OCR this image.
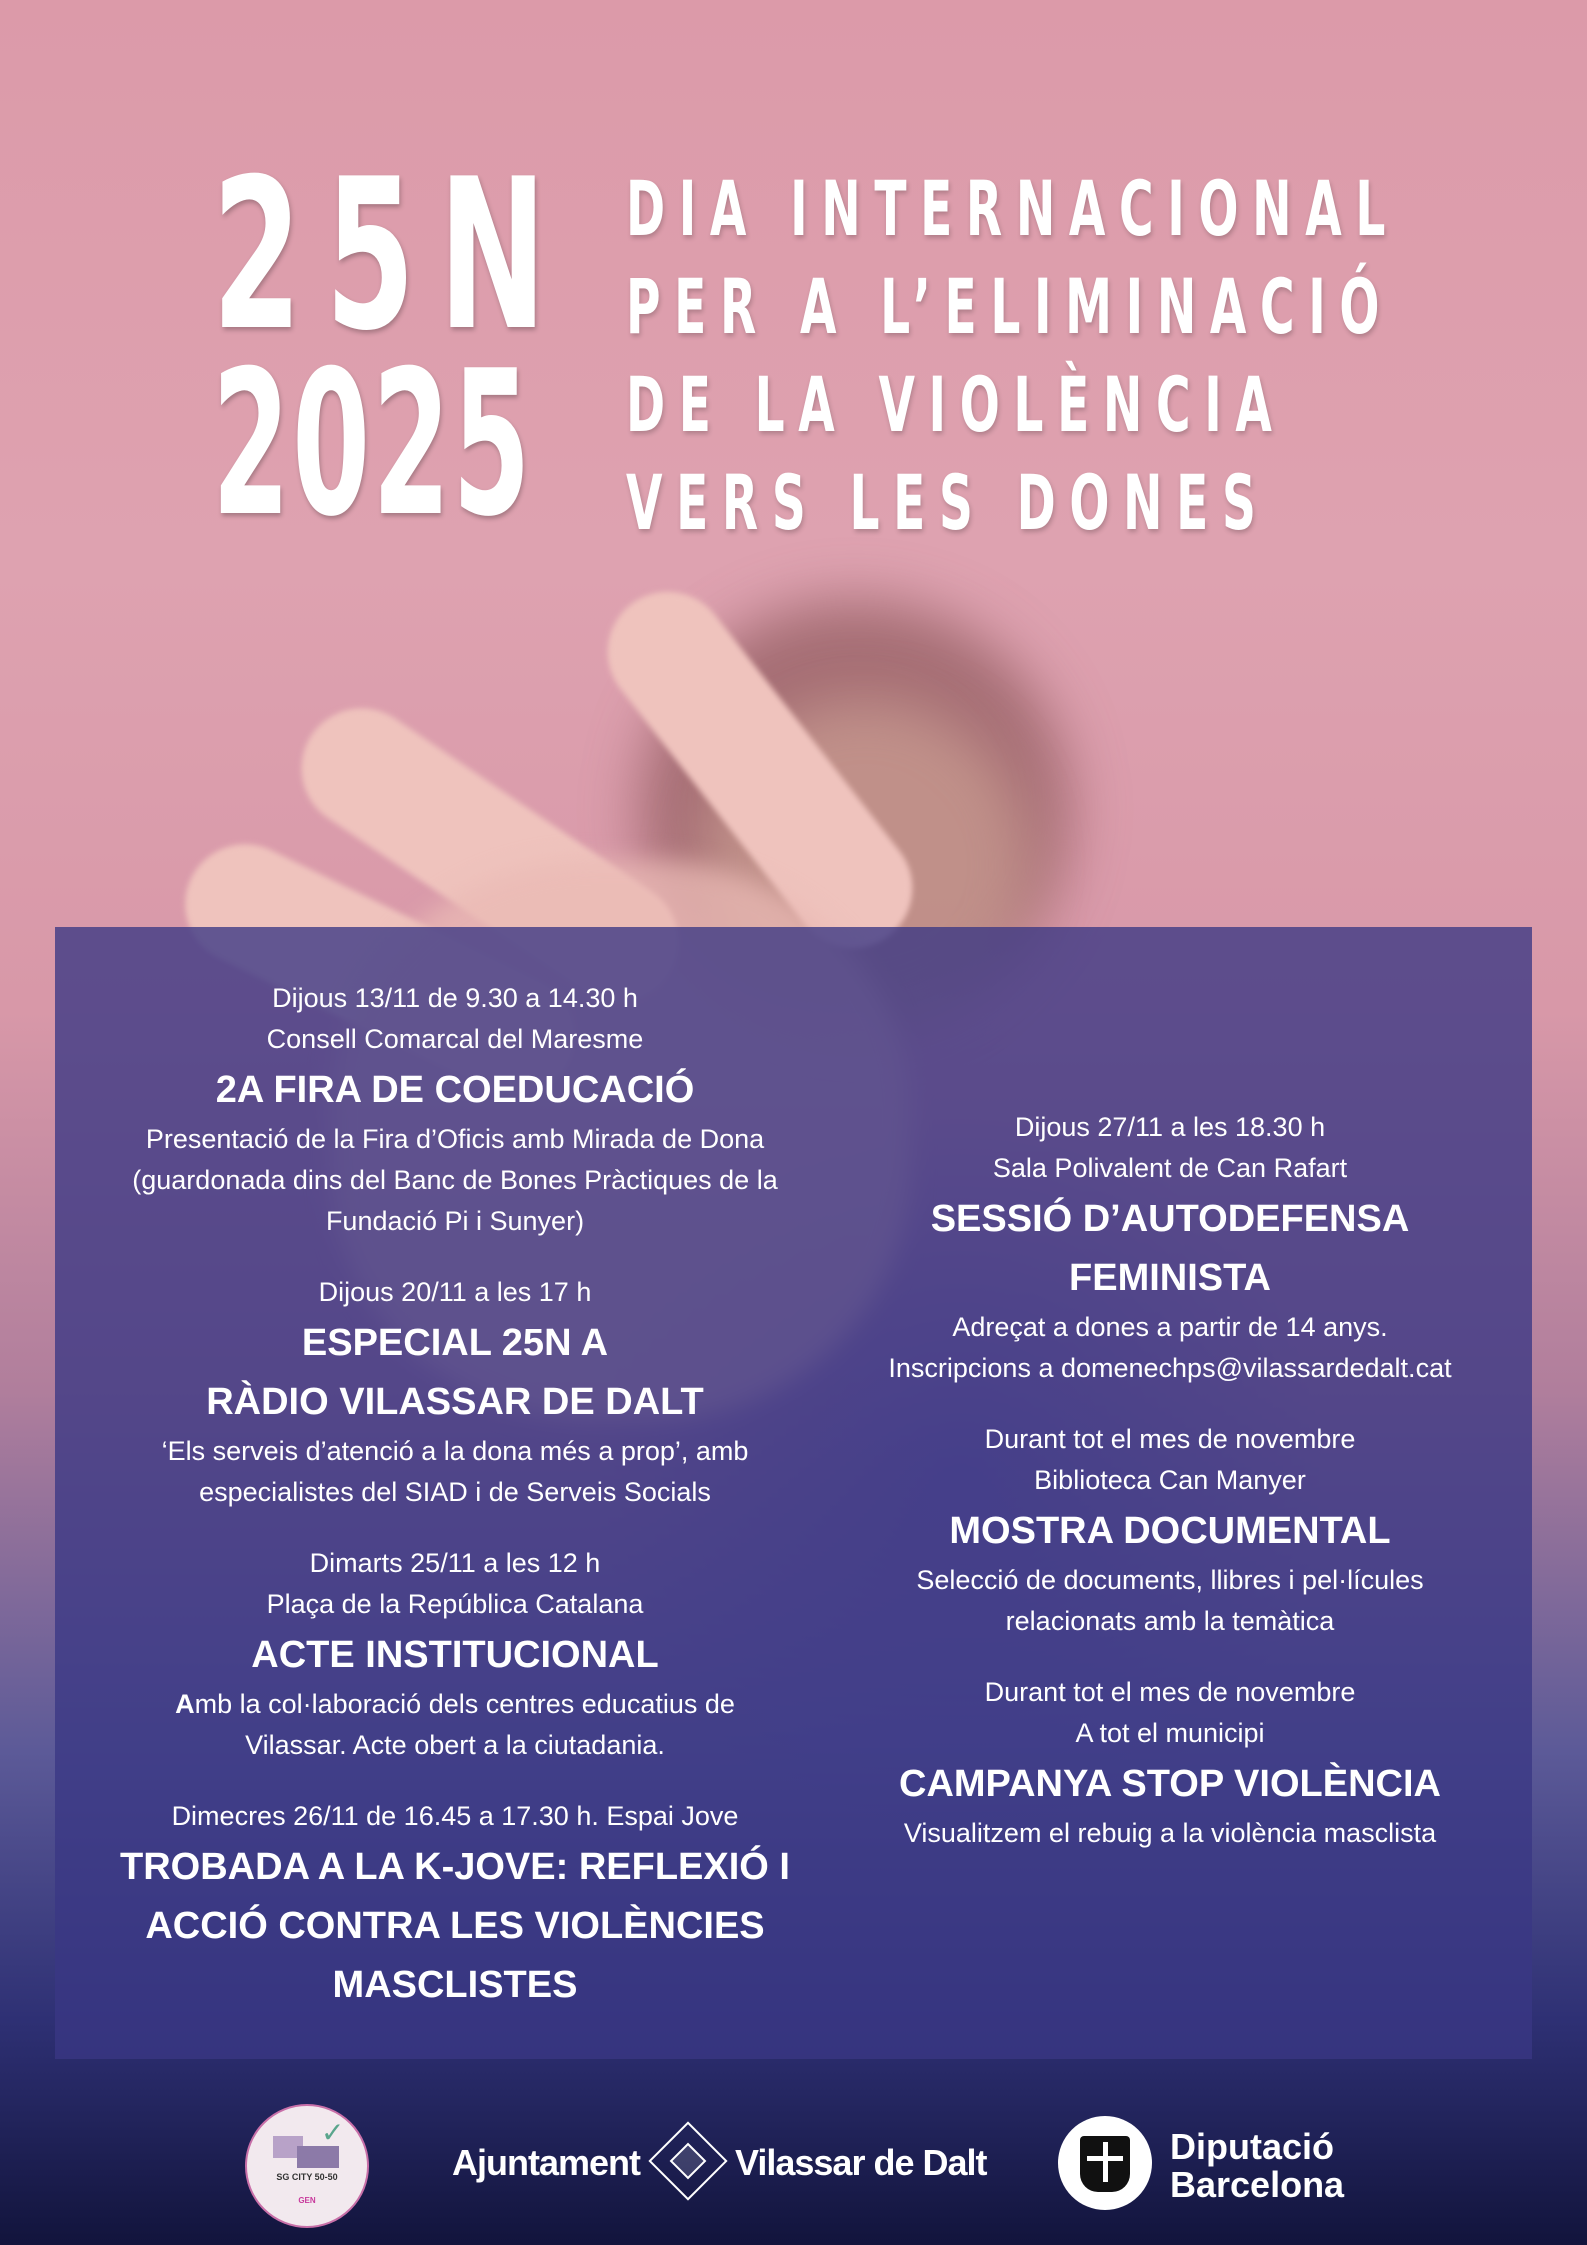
25N
2025
DIA INTERNACIONAL
PER A L’ELIMINACIÓ
DE LA VIOLÈNCIA
VERS LES DONES
Dijous 13/11 de 9.30 a 14.30 h
Consell Comarcal del Maresme
2A FIRA DE COEDUCACIÓ
Presentació de la Fira d’Oficis amb Mirada de Dona
(guardonada dins del Banc de Bones Pràctiques de la
Fundació Pi i Sunyer)
Dijous 20/11 a les 17 h
ESPECIAL 25N A
RÀDIO VILASSAR DE DALT
‘Els serveis d’atenció a la dona més a prop’, amb
especialistes del SIAD i de Serveis Socials
Dimarts 25/11 a les 12 h
Plaça de la República Catalana
ACTE INSTITUCIONAL
Amb la col·laboració dels centres educatius de
Vilassar. Acte obert a la ciutadania.
Dimecres 26/11 de 16.45 a 17.30 h. Espai Jove
TROBADA A LA K-JOVE: REFLEXIÓ I
ACCIÓ CONTRA LES VIOLÈNCIES
MASCLISTES
Dijous 27/11 a les 18.30 h
Sala Polivalent de Can Rafart
SESSIÓ D’AUTODEFENSA
FEMINISTA
Adreçat a dones a partir de 14 anys.
Inscripcions a domenechps@vilassardedalt.cat
Durant tot el mes de novembre
Biblioteca Can Manyer
MOSTRA DOCUMENTAL
Selecció de documents, llibres i pel·lícules
relacionats amb la temàtica
Durant tot el mes de novembre
A tot el municipi
CAMPANYA STOP VIOLÈNCIA
Visualitzem el rebuig a la violència masclista
✓
SG CITY 50-50
GEN
Ajuntament	Vilassar de Dalt	Diputació
Barcelona
